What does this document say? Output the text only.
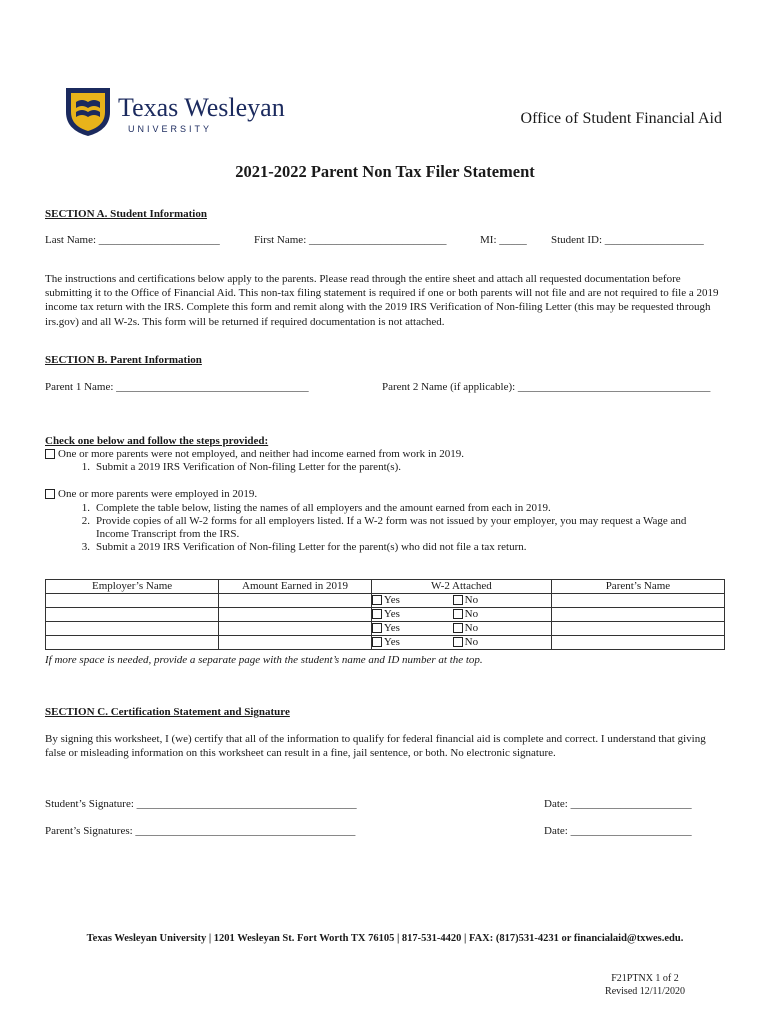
Texas Wesleyan
UNIVERSITY
Office of Student Financial Aid
2021-2022 Parent Non Tax Filer Statement
SECTION A. Student Information
Last Name: ______________________	First Name: _________________________	MI: _____ Student ID: __________________
The instructions and certifications below apply to the parents. Please read through the entire sheet and attach all requested documentation before submitting it to the Office of Financial Aid. This non-tax filing statement is required if one or both parents will not file and are not required to file a 2019 income tax return with the IRS. Complete this form and remit along with the 2019 IRS Verification of Non-filing Letter (this may be requested through irs.gov) and all W-2s. This form will be returned if required documentation is not attached.
SECTION B. Parent Information
Parent 1 Name: ___________________________________	Parent 2 Name (if applicable): ___________________________________
Check one below and follow the steps provided:
One or more parents were not employed, and neither had income earned from work in 2019.
1. Submit a 2019 IRS Verification of Non-filing Letter for the parent(s).
One or more parents were employed in 2019.
1. Complete the table below, listing the names of all employers and the amount earned from each in 2019.
2. Provide copies of all W-2 forms for all employers listed. If a W-2 form was not issued by your employer, you may request a Wage and Income Transcript from the IRS.
3. Submit a 2019 IRS Verification of Non-filing Letter for the parent(s) who did not file a tax return.
Employer’s Name	Amount Earned in 2019	W-2 Attached	Parent’s Name

		Yes No	

		Yes No	

		Yes No	

		Yes No	

If more space is needed, provide a separate page with the student’s name and ID number at the top.
SECTION C. Certification Statement and Signature
By signing this worksheet, I (we) certify that all of the information to qualify for federal financial aid is complete and correct. I understand that giving false or misleading information on this worksheet can result in a fine, jail sentence, or both. No electronic signature.
Student’s Signature: ________________________________________	Date: ______________________
Parent’s Signatures: ________________________________________	Date: ______________________
Texas Wesleyan University | 1201 Wesleyan St. Fort Worth TX 76105 | 817-531-4420 | FAX: (817)531-4231 or financialaid@txwes.edu.
F21PTNX 1 of 2
Revised 12/11/2020
